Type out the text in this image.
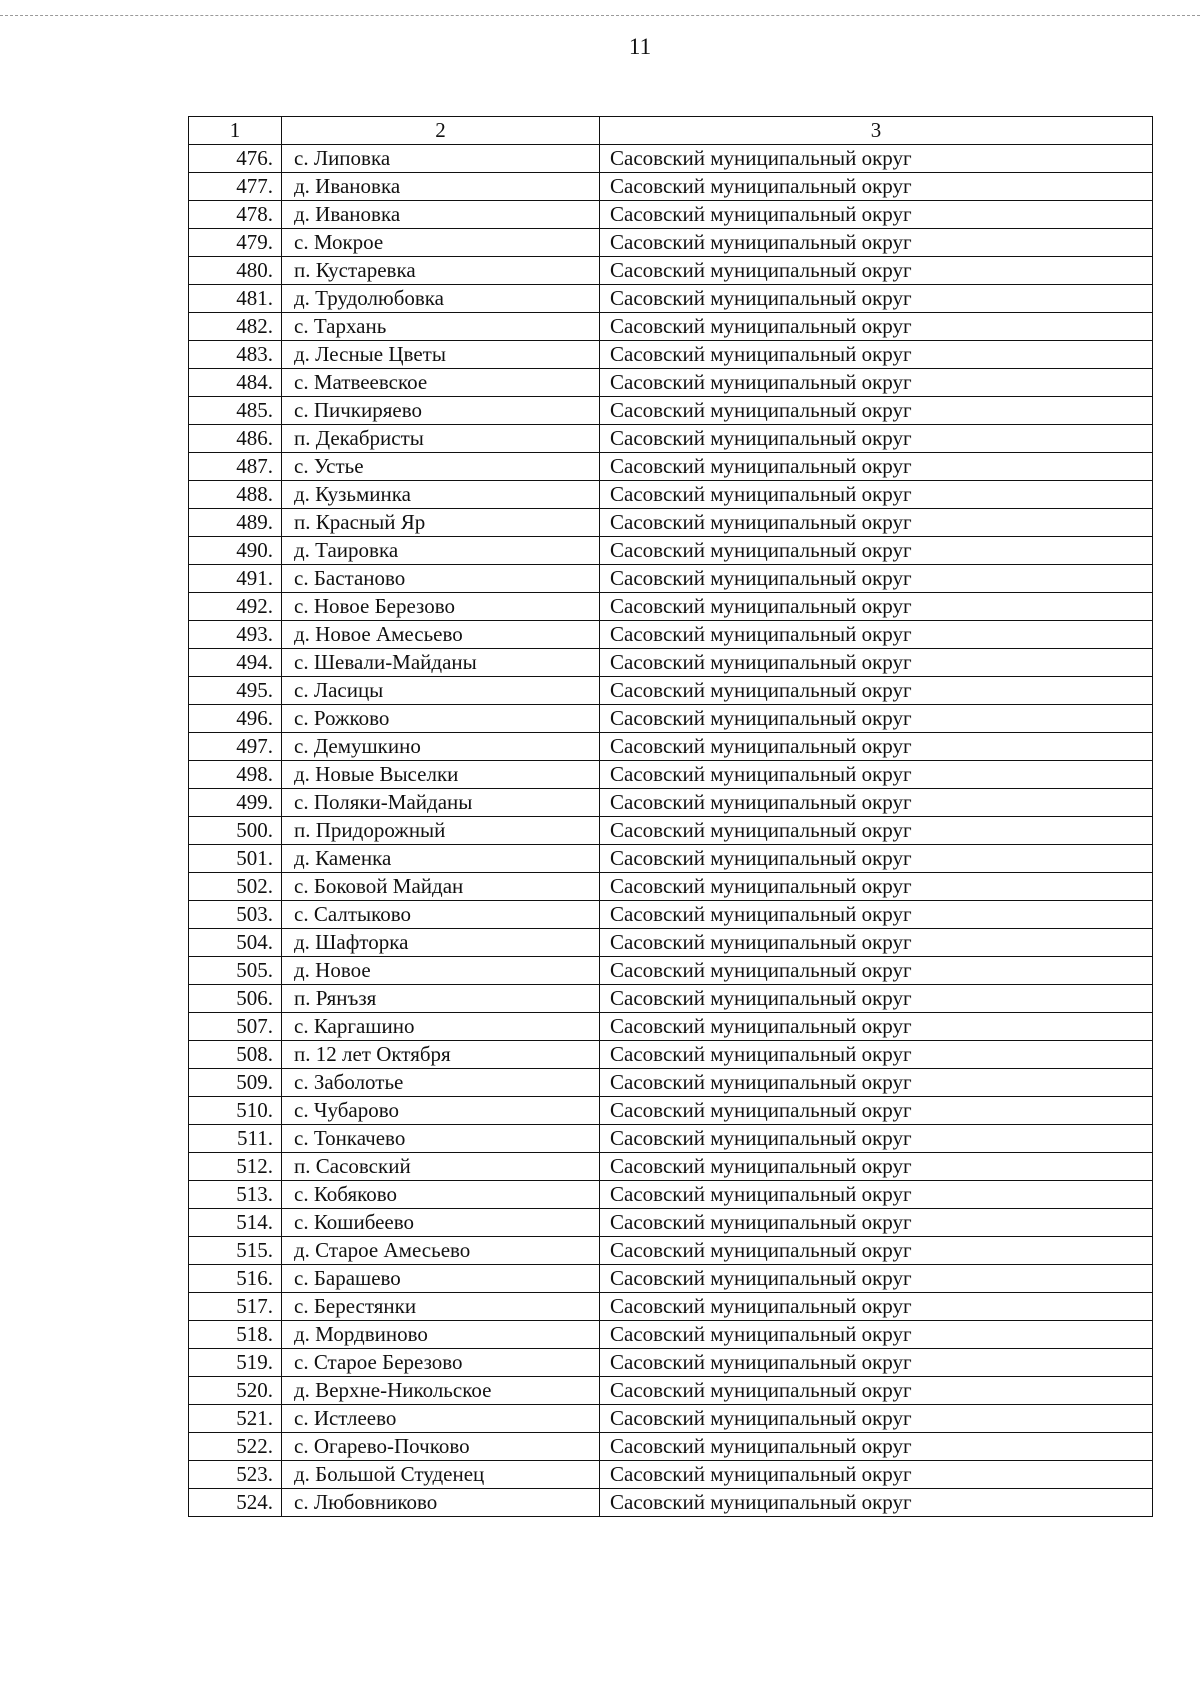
11
1	2	3
476.	с. Липовка	Сасовский муниципальный округ
477.	д. Ивановка	Сасовский муниципальный округ
478.	д. Ивановка	Сасовский муниципальный округ
479.	с. Мокрое	Сасовский муниципальный округ
480.	п. Кустаревка	Сасовский муниципальный округ
481.	д. Трудолюбовка	Сасовский муниципальный округ
482.	с. Тархань	Сасовский муниципальный округ
483.	д. Лесные Цветы	Сасовский муниципальный округ
484.	с. Матвеевское	Сасовский муниципальный округ
485.	с. Пичкиряево	Сасовский муниципальный округ
486.	п. Декабристы	Сасовский муниципальный округ
487.	с. Устье	Сасовский муниципальный округ
488.	д. Кузьминка	Сасовский муниципальный округ
489.	п. Красный Яр	Сасовский муниципальный округ
490.	д. Таировка	Сасовский муниципальный округ
491.	с. Бастаново	Сасовский муниципальный округ
492.	с. Новое Березово	Сасовский муниципальный округ
493.	д. Новое Амесьево	Сасовский муниципальный округ
494.	с. Шевали-Майданы	Сасовский муниципальный округ
495.	с. Ласицы	Сасовский муниципальный округ
496.	с. Рожково	Сасовский муниципальный округ
497.	с. Демушкино	Сасовский муниципальный округ
498.	д. Новые Выселки	Сасовский муниципальный округ
499.	с. Поляки-Майданы	Сасовский муниципальный округ
500.	п. Придорожный	Сасовский муниципальный округ
501.	д. Каменка	Сасовский муниципальный округ
502.	с. Боковой Майдан	Сасовский муниципальный округ
503.	с. Салтыково	Сасовский муниципальный округ
504.	д. Шафторка	Сасовский муниципальный округ
505.	д. Новое	Сасовский муниципальный округ
506.	п. Рянъзя	Сасовский муниципальный округ
507.	с. Каргашино	Сасовский муниципальный округ
508.	п. 12 лет Октября	Сасовский муниципальный округ
509.	с. Заболотье	Сасовский муниципальный округ
510.	с. Чубарово	Сасовский муниципальный округ
511.	с. Тонкачево	Сасовский муниципальный округ
512.	п. Сасовский	Сасовский муниципальный округ
513.	с. Кобяково	Сасовский муниципальный округ
514.	с. Кошибеево	Сасовский муниципальный округ
515.	д. Старое Амесьево	Сасовский муниципальный округ
516.	с. Барашево	Сасовский муниципальный округ
517.	с. Берестянки	Сасовский муниципальный округ
518.	д. Мордвиново	Сасовский муниципальный округ
519.	с. Старое Березово	Сасовский муниципальный округ
520.	д. Верхне-Никольское	Сасовский муниципальный округ
521.	с. Истлеево	Сасовский муниципальный округ
522.	с. Огарево-Почково	Сасовский муниципальный округ
523.	д. Большой Студенец	Сасовский муниципальный округ
524.	с. Любовниково	Сасовский муниципальный округ
